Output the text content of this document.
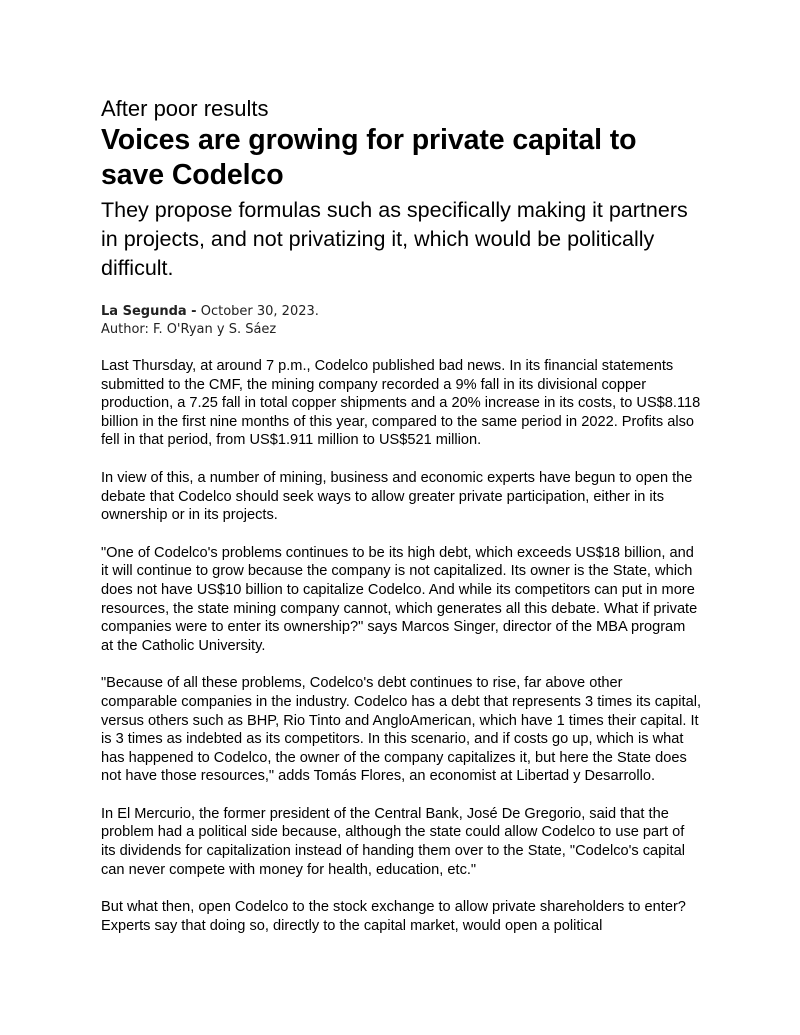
After poor results
Voices are growing for private capital to save Codelco
They propose formulas such as specifically making it partners in projects, and not privatizing it, which would be politically difficult.
La Segunda - October 30, 2023.
Author: F. O'Ryan y S. Sáez

Last Thursday, at around 7 p.m., Codelco published bad news. In its financial statements submitted to the CMF, the mining company recorded a 9% fall in its divisional copper production, a 7.25 fall in total copper shipments and a 20% increase in its costs, to US$8.118 billion in the first nine months of this year, compared to the same period in 2022. Profits also fell in that period, from US$1.911 million to US$521 million.

In view of this, a number of mining, business and economic experts have begun to open the debate that Codelco should seek ways to allow greater private participation, either in its ownership or in its projects.

"One of Codelco's problems continues to be its high debt, which exceeds US$18 billion, and it will continue to grow because the company is not capitalized. Its owner is the State, which does not have US$10 billion to capitalize Codelco. And while its competitors can put in more resources, the state mining company cannot, which generates all this debate. What if private companies were to enter its ownership?" says Marcos Singer, director of the MBA program at the Catholic University.

"Because of all these problems, Codelco's debt continues to rise, far above other comparable companies in the industry. Codelco has a debt that represents 3 times its capital, versus others such as BHP, Rio Tinto and AngloAmerican, which have 1 times their capital. It is 3 times as indebted as its competitors. In this scenario, and if costs go up, which is what has happened to Codelco, the owner of the company capitalizes it, but here the State does not have those resources," adds Tomás Flores, an economist at Libertad y Desarrollo.

In El Mercurio, the former president of the Central Bank, José De Gregorio, said that the problem had a political side because, although the state could allow Codelco to use part of its dividends for capitalization instead of handing them over to the State, "Codelco's capital can never compete with money for health, education, etc."

But what then, open Codelco to the stock exchange to allow private shareholders to enter? Experts say that doing so, directly to the capital market, would open a political
